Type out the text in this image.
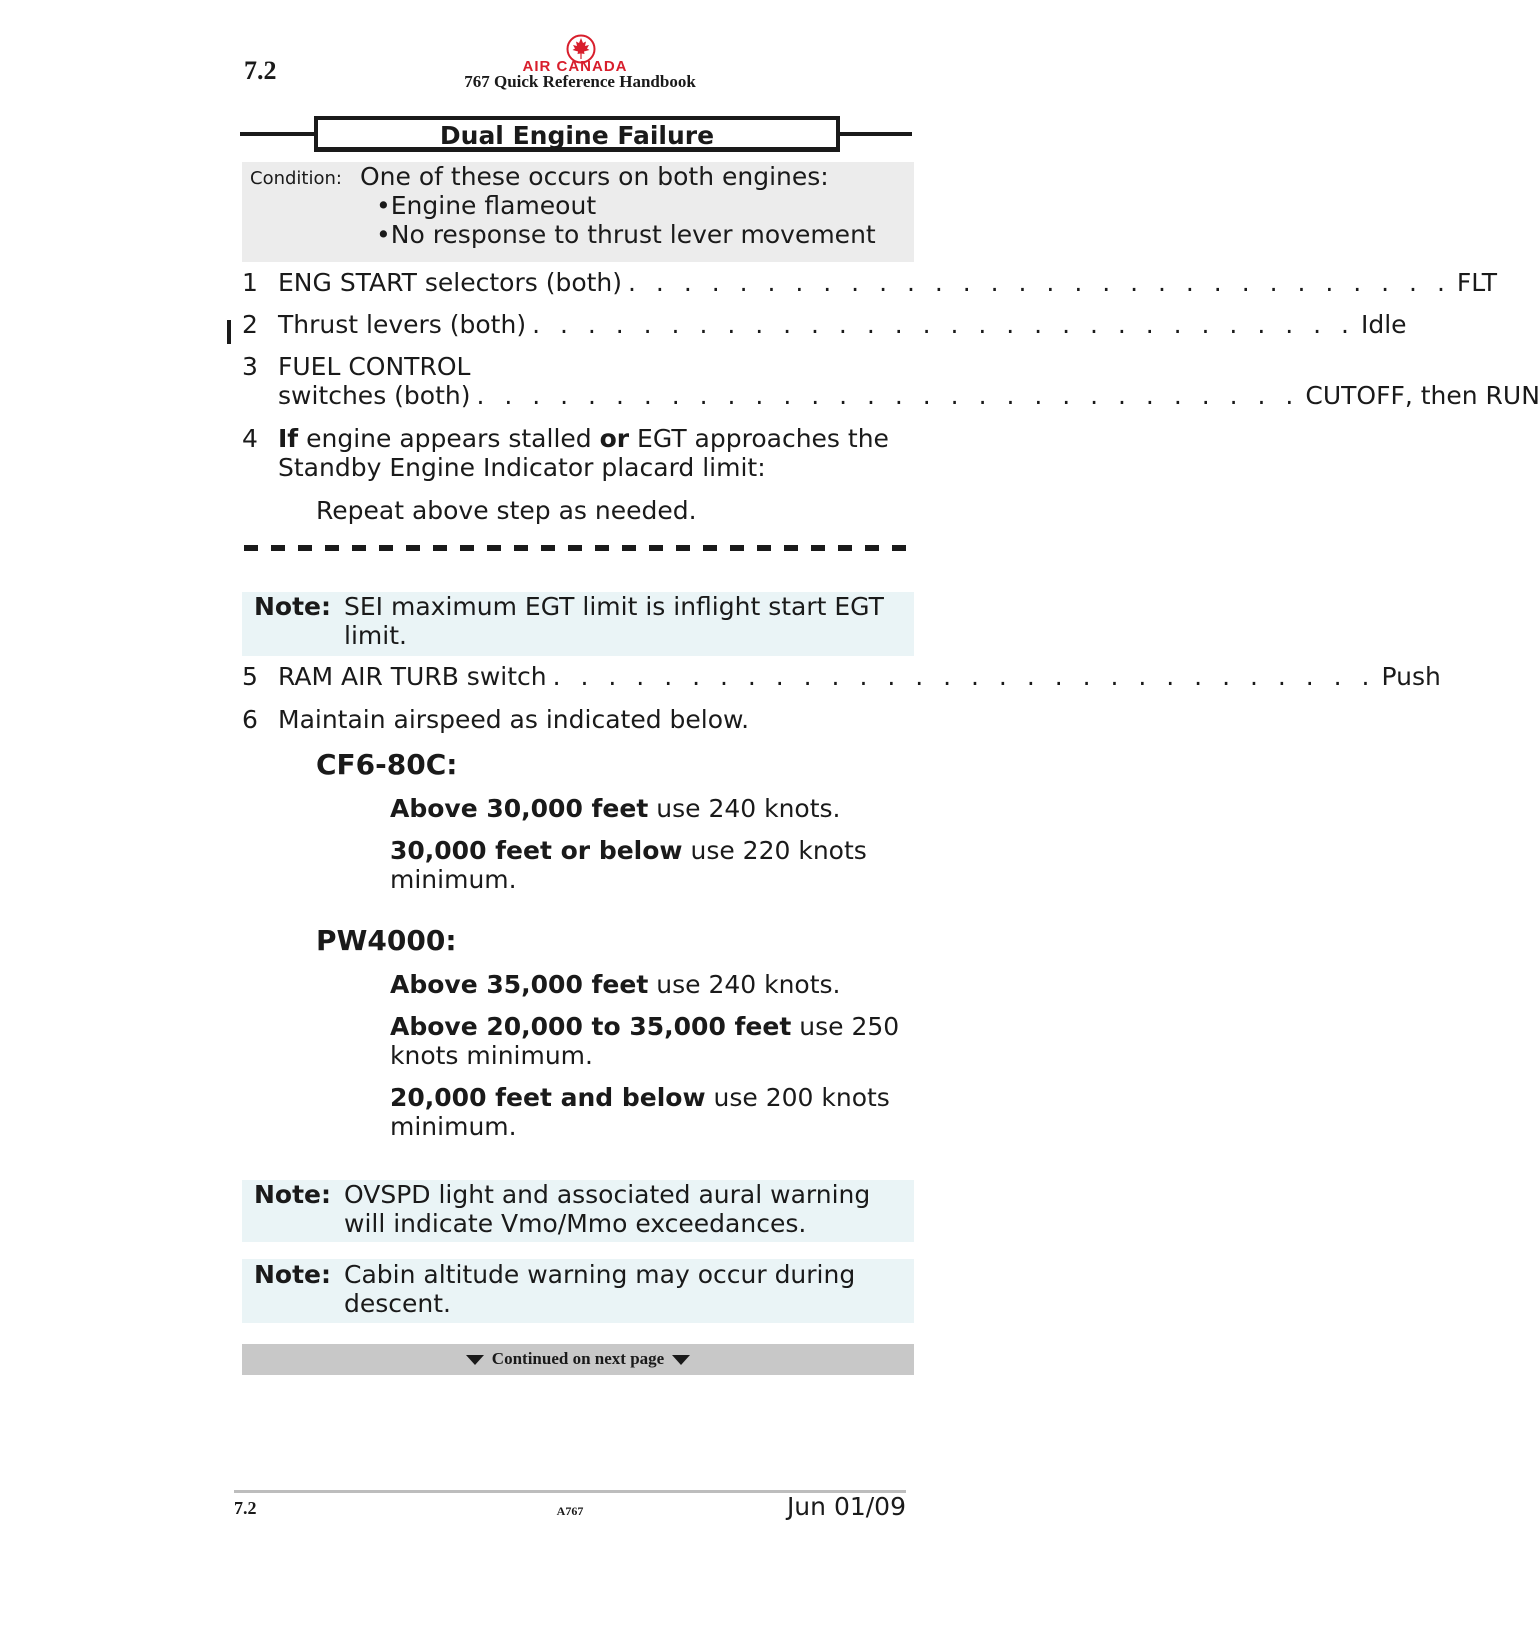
7.2	AIR CANADA
767 Quick Reference Handbook
Dual Engine Failure
Condition: One of these occurs on both engines:
•Engine flameout
•No response to thrust lever movement
1 ENG START selectors (both) . . . . . . . . . . . . . . . . . . . . . . . . . . . . . . FLT
2 Thrust levers (both) . . . . . . . . . . . . . . . . . . . . . . . . . . . . . . Idle
3 FUEL CONTROL
switches (both) . . . . . . . . . . . . . . . . . . . . . . . . . . . . . . CUTOFF, then RUN
4 If engine appears stalled or EGT approaches the
Standby Engine Indicator placard limit:
Repeat above step as needed.
Note: SEI maximum EGT limit is inflight start EGT
limit.
5 RAM AIR TURB switch . . . . . . . . . . . . . . . . . . . . . . . . . . . . . . Push
6 Maintain airspeed as indicated below.
CF6-80C:
Above 30,000 feet use 240 knots.
30,000 feet or below use 220 knots
minimum.
PW4000:
Above 35,000 feet use 240 knots.
Above 20,000 to 35,000 feet use 250
knots minimum.
20,000 feet and below use 200 knots
minimum.
Note: OVSPD light and associated aural warning
will indicate Vmo/Mmo exceedances.
Note: Cabin altitude warning may occur during
descent.
Continued on next page
7.2	A767	Jun 01/09
